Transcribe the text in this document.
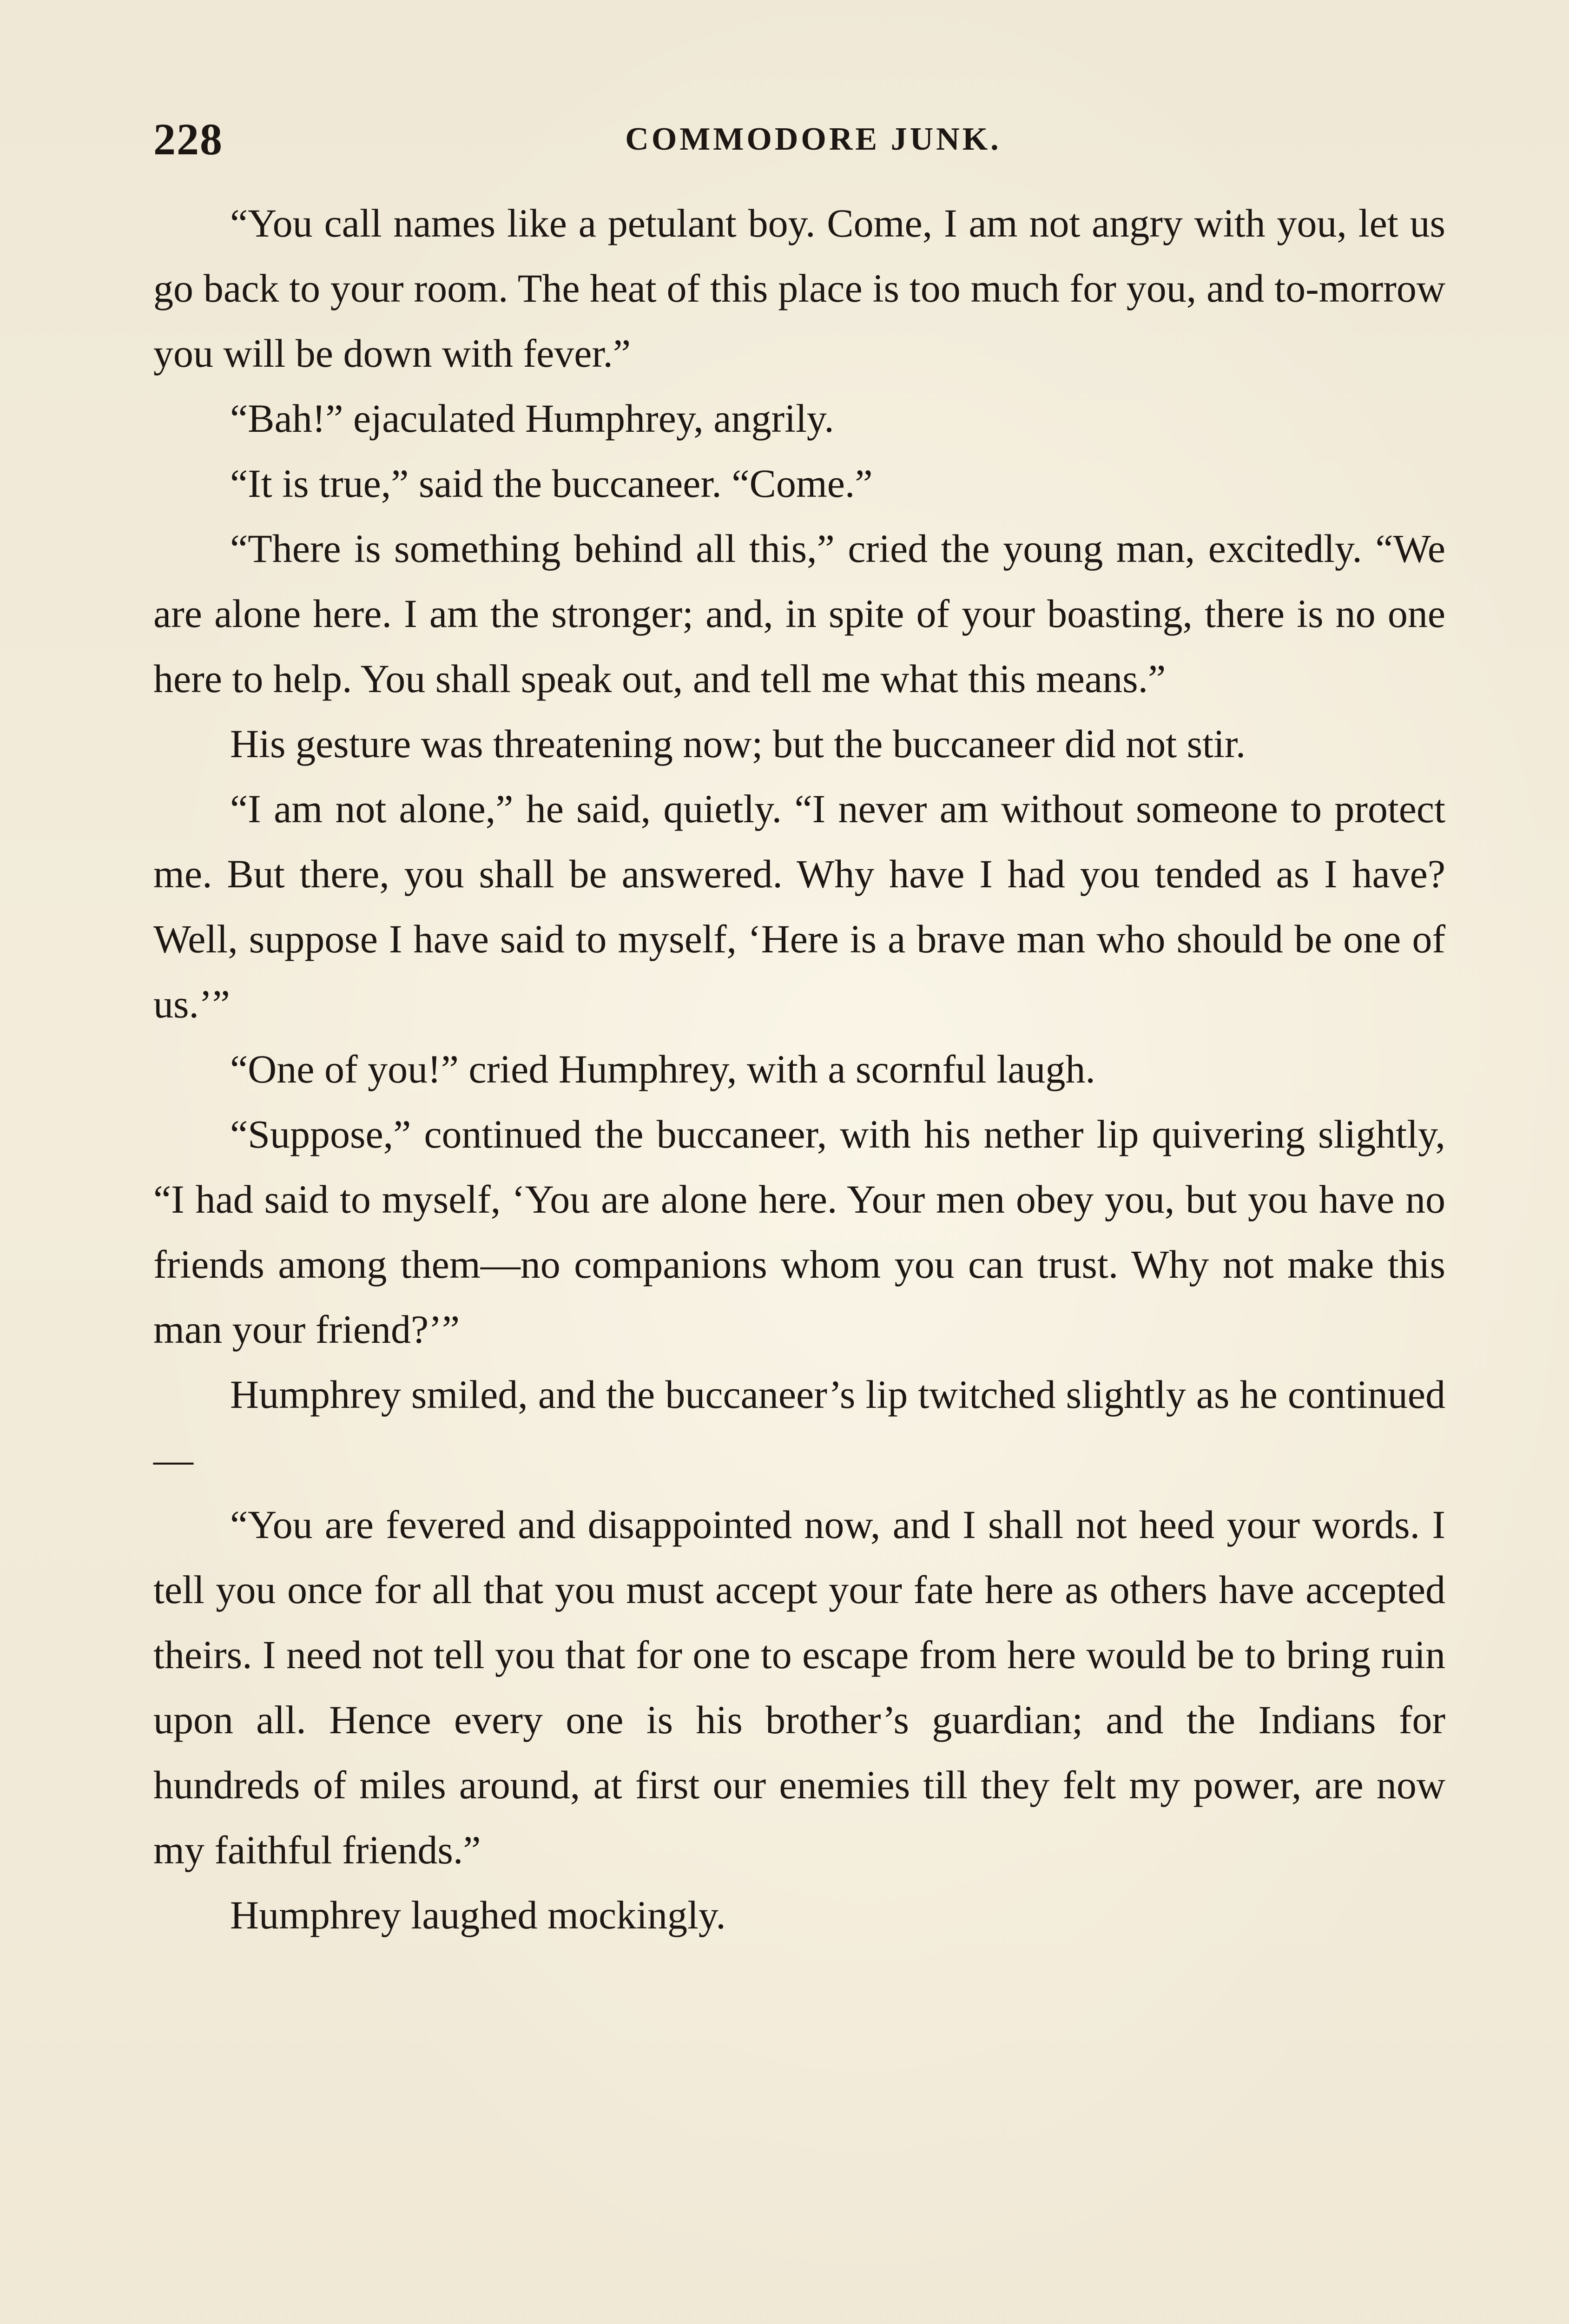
228	COMMODORE JUNK.

“You call names like a petulant boy. Come, I am not angry with you, let us go back to your room. The heat of this place is too much for you, and to-morrow you will be down with fever.”

“Bah!” ejaculated Humphrey, angrily.

“It is true,” said the buccaneer. “Come.”

“There is something behind all this,” cried the young man, excitedly. “We are alone here. I am the stronger; and, in spite of your boasting, there is no one here to help. You shall speak out, and tell me what this means.”

His gesture was threatening now; but the buccaneer did not stir.

“I am not alone,” he said, quietly. “I never am without someone to protect me. But there, you shall be answered. Why have I had you tended as I have? Well, suppose I have said to myself, ‘Here is a brave man who should be one of us.’”

“One of you!” cried Humphrey, with a scornful laugh.

“Suppose,” continued the buccaneer, with his nether lip quivering slightly, “I had said to myself, ‘You are alone here. Your men obey you, but you have no friends among them—no companions whom you can trust. Why not make this man your friend?’”

Humphrey smiled, and the buccaneer’s lip twitched slightly as he continued—

“You are fevered and disappointed now, and I shall not heed your words. I tell you once for all that you must accept your fate here as others have accepted theirs. I need not tell you that for one to escape from here would be to bring ruin upon all. Hence every one is his brother’s guardian; and the Indians for hundreds of miles around, at first our enemies till they felt my power, are now my faithful friends.”

Humphrey laughed mockingly.
